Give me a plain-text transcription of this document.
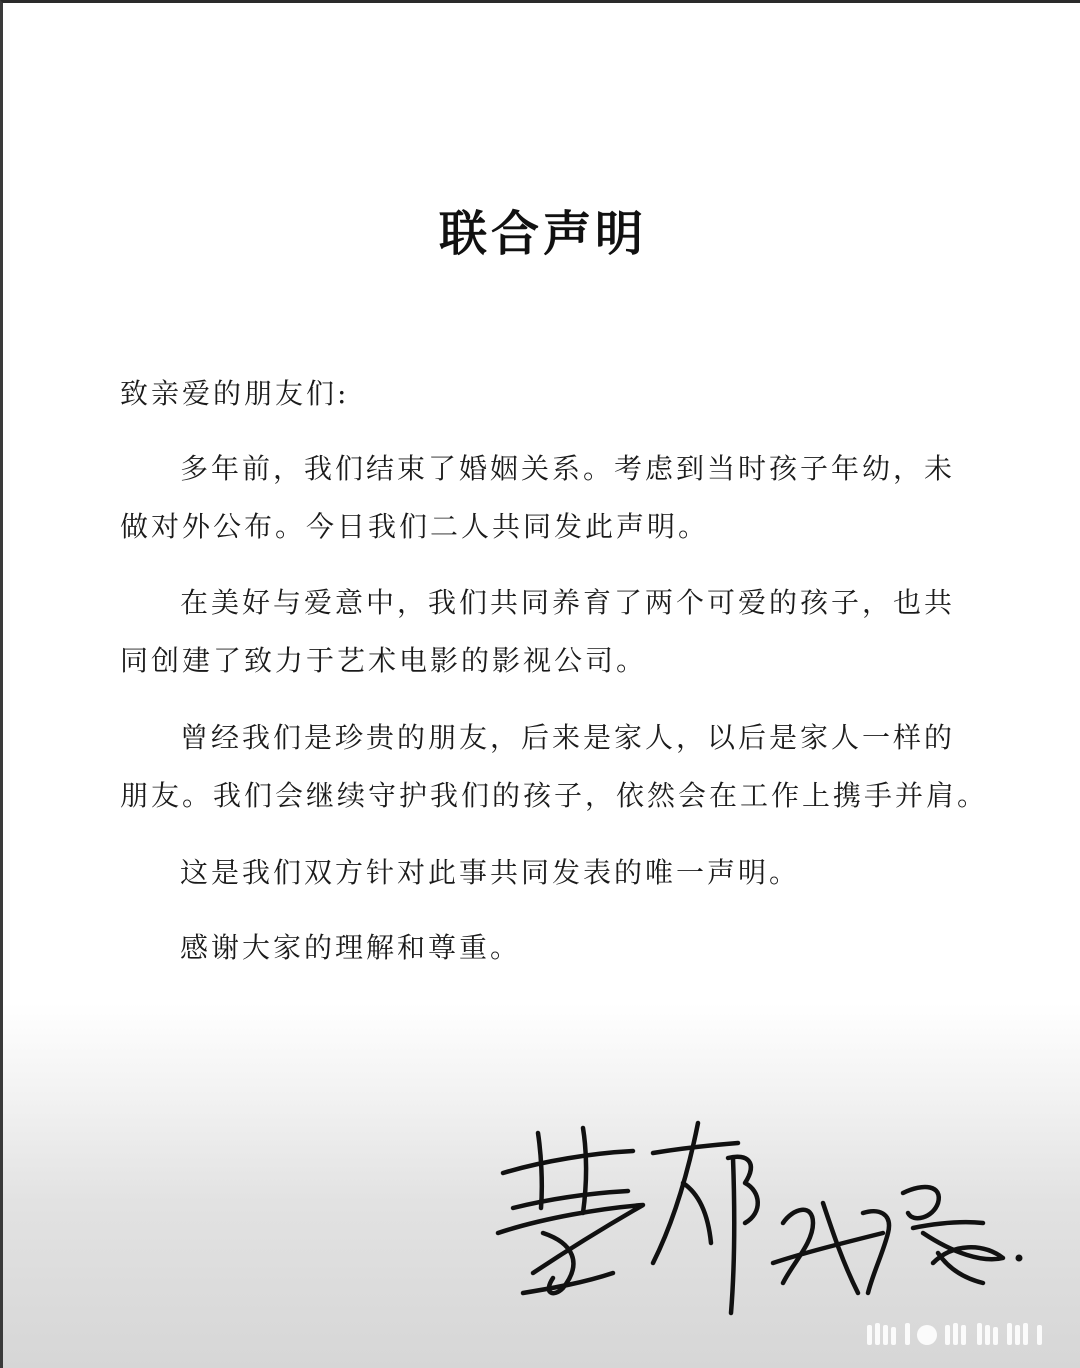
联合声明

致亲爱的朋友们:

多年前，我们结束了婚姻关系。考虑到当时孩子年幼，未
做对外公布。今日我们二人共同发此声明。
在美好与爱意中，我们共同养育了两个可爱的孩子，也共
同创建了致力于艺术电影的影视公司。
曾经我们是珍贵的朋友，后来是家人，以后是家人一样的
朋友。我们会继续守护我们的孩子，依然会在工作上携手并肩。
这是我们双方针对此事共同发表的唯一声明。
感谢大家的理解和尊重。
